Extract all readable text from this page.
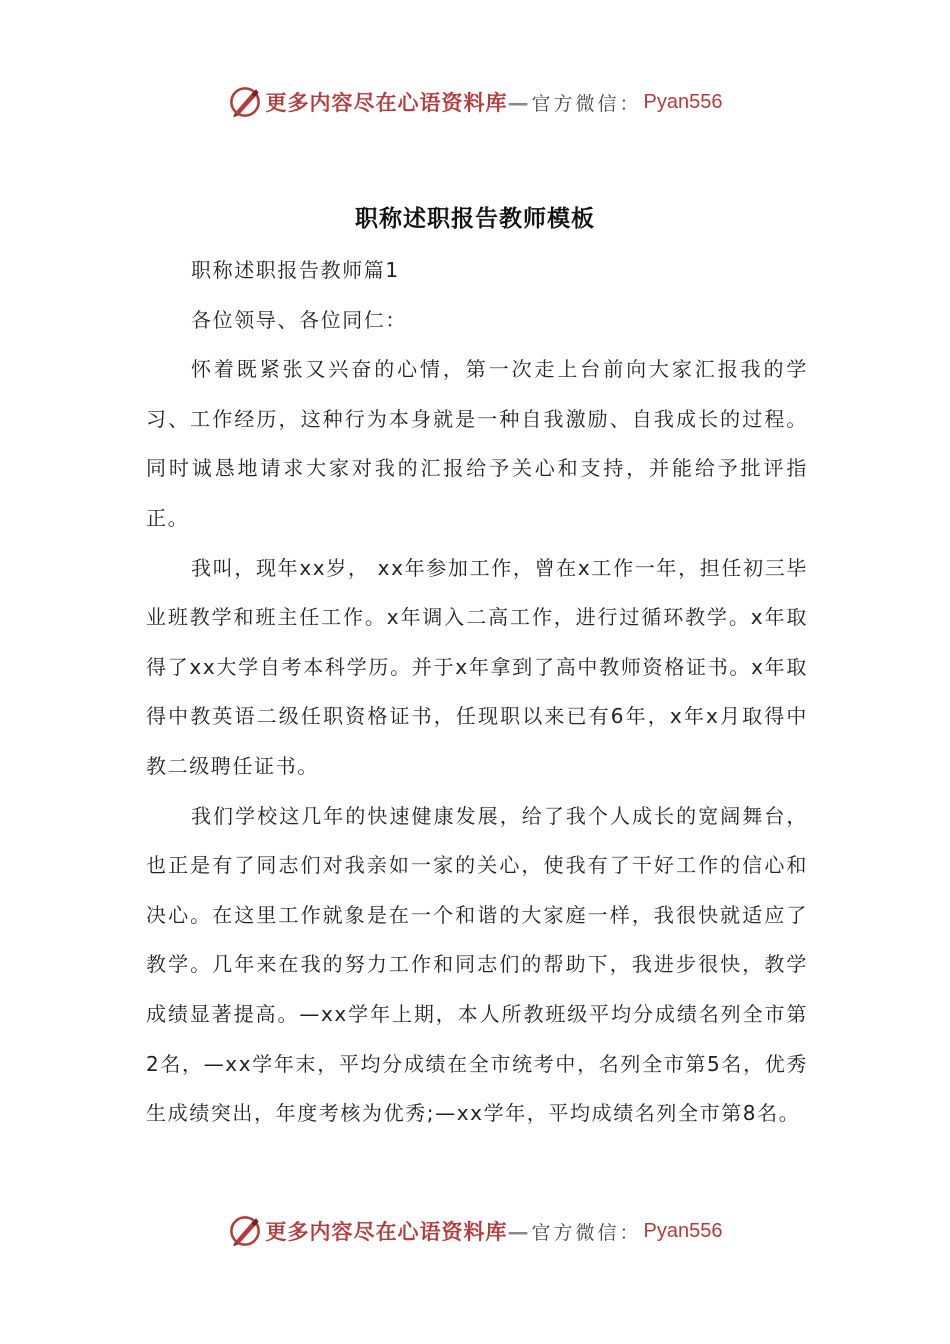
更多内容尽在心语资料库 — 官方微信： Pyan556
职称述职报告教师模板

职称述职报告教师篇1

各位领导、各位同仁：

怀着既紧张又兴奋的心情，第一次走上台前向大家汇报我的学习、工作经历，这种行为本身就是一种自我激励、自我成长的过程。同时诚恳地请求大家对我的汇报给予关心和支持，并能给予批评指正。

我叫，现年xx岁， xx年参加工作，曾在x工作一年，担任初三毕业班教学和班主任工作。x年调入二高工作，进行过循环教学。x年取得了xx大学自考本科学历。并于x年拿到了高中教师资格证书。x年取得中教英语二级任职资格证书，任现职以来已有6年，x年x月取得中教二级聘任证书。

我们学校这几年的快速健康发展，给了我个人成长的宽阔舞台，也正是有了同志们对我亲如一家的关心，使我有了干好工作的信心和决心。在这里工作就象是在一个和谐的大家庭一样，我很快就适应了教学。几年来在我的努力工作和同志们的帮助下，我进步很快，教学成绩显著提高。—xx学年上期，本人所教班级平均分成绩名列全市第2名，—xx学年末，平均分成绩在全市统考中，名列全市第5名，优秀生成绩突出，年度考核为优秀;—xx学年，平均成绩名列全市第8名。

更多内容尽在心语资料库 — 官方微信： Pyan556
